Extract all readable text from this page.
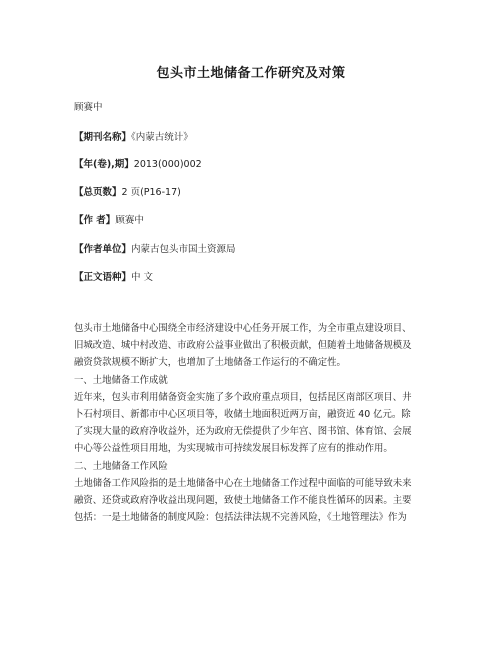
包头市土地储备工作研究及对策
顾赛中
【期刊名称】《内蒙古统计》
【年(卷),期】2013(000)002
【总页数】2 页(P16-17)
【作 者】顾赛中
【作者单位】内蒙古包头市国土资源局
【正文语种】中 文
包头市土地储备中心围绕全市经济建设中心任务开展工作，为全市重点建设项目、
旧城改造、城中村改造、市政府公益事业做出了积极贡献，但随着土地储备规模及
融资贷款规模不断扩大，也增加了土地储备工作运行的不确定性。
一、土地储备工作成就
近年来，包头市利用储备资金实施了多个政府重点项目，包括昆区南部区项目、井
卜石村项目、新都市中心区项目等，收储土地面积近两万亩，融资近 40 亿元。除
了实现大量的政府净收益外，还为政府无偿提供了少年宫、图书馆、体育馆、会展
中心等公益性项目用地，为实现城市可持续发展目标发挥了应有的推动作用。
二、土地储备工作风险
土地储备工作风险指的是土地储备中心在土地储备工作过程中面临的可能导致未来
融资、还贷或政府净收益出现问题，致使土地储备工作不能良性循环的因素。主要
包括：一是土地储备的制度风险：包括法律法规不完善风险，《土地管理法》作为
